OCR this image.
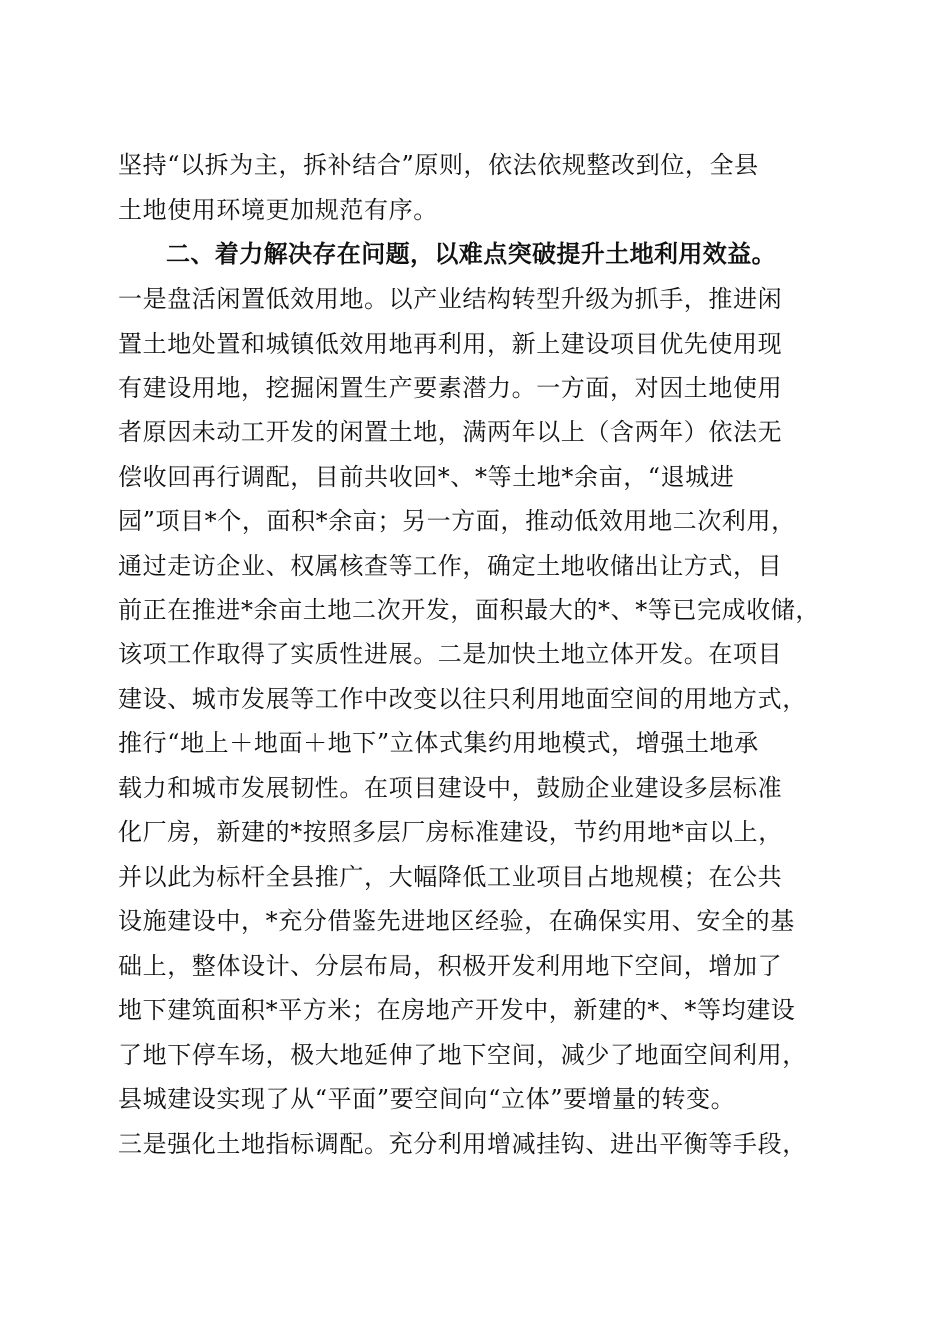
坚持“以拆为主，拆补结合”原则，依法依规整改到位，全县
土地使用环境更加规范有序。
二、着力解决存在问题，以难点突破提升土地利用效益。
一是盘活闲置低效用地。以产业结构转型升级为抓手，推进闲
置土地处置和城镇低效用地再利用，新上建设项目优先使用现
有建设用地，挖掘闲置生产要素潜力。一方面，对因土地使用
者原因未动工开发的闲置土地，满两年以上（含两年）依法无
偿收回再行调配，目前共收回*、*等土地*余亩，“退城进
园”项目*个，面积*余亩；另一方面，推动低效用地二次利用，
通过走访企业、权属核查等工作，确定土地收储出让方式，目
前正在推进*余亩土地二次开发，面积最大的*、*等已完成收储，
该项工作取得了实质性进展。二是加快土地立体开发。在项目
建设、城市发展等工作中改变以往只利用地面空间的用地方式，
推行“地上＋地面＋地下”立体式集约用地模式，增强土地承
载力和城市发展韧性。在项目建设中，鼓励企业建设多层标准
化厂房，新建的*按照多层厂房标准建设，节约用地*亩以上，
并以此为标杆全县推广，大幅降低工业项目占地规模；在公共
设施建设中，*充分借鉴先进地区经验，在确保实用、安全的基
础上，整体设计、分层布局，积极开发利用地下空间，增加了
地下建筑面积*平方米；在房地产开发中，新建的*、*等均建设
了地下停车场，极大地延伸了地下空间，减少了地面空间利用，
县城建设实现了从“平面”要空间向“立体”要增量的转变。
三是强化土地指标调配。充分利用增减挂钩、进出平衡等手段，
